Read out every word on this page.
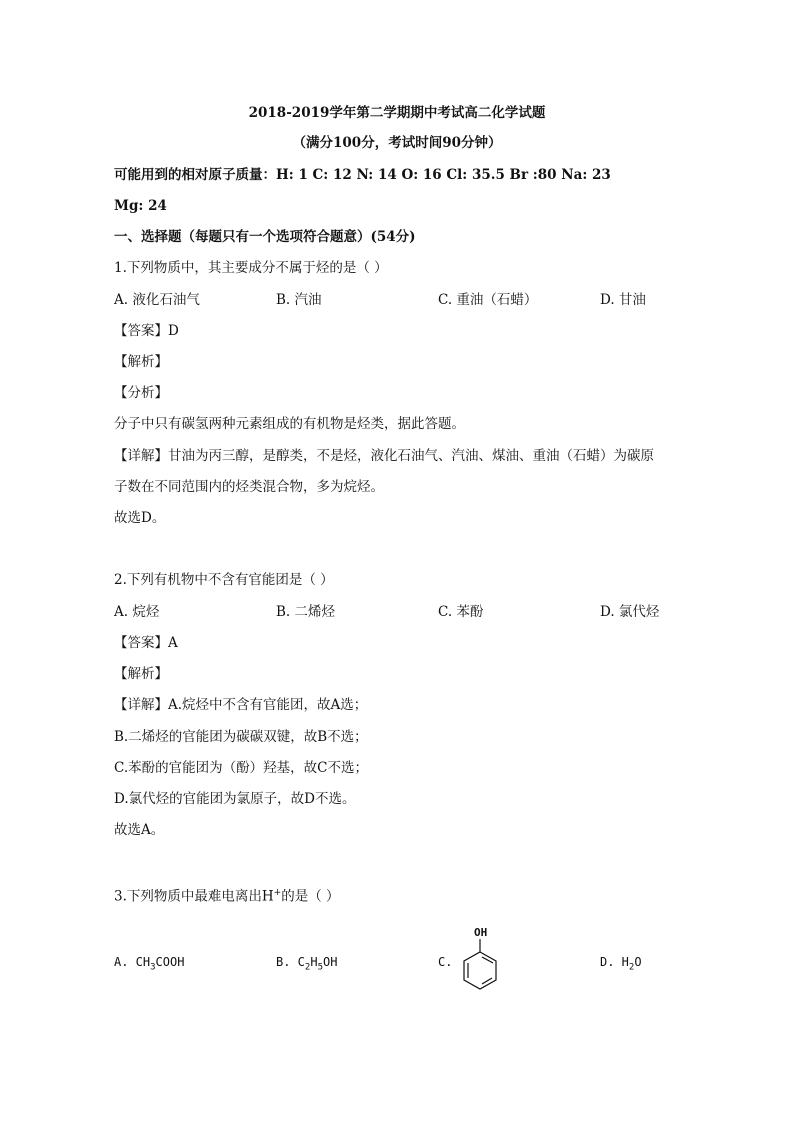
2018-2019学年第二学期期中考试高二化学试题
（满分100分，考试时间90分钟）
可能用到的相对原子质量：H: 1 C: 12 N: 14 O: 16 Cl: 35.5 Br :80 Na: 23
Mg: 24
一、选择题（每题只有一个选项符合题意）(54分)
1.下列物质中，其主要成分不属于烃的是（ ）
A. 液化石油气	B. 汽油	C. 重油（石蜡）	D. 甘油
【答案】D
【解析】
【分析】
分子中只有碳氢两种元素组成的有机物是烃类，据此答题。
【详解】甘油为丙三醇，是醇类，不是烃，液化石油气、汽油、煤油、重油（石蜡）为碳原
子数在不同范围内的烃类混合物，多为烷烃。
故选D。
2.下列有机物中不含有官能团是（ ）
A. 烷烃	B. 二烯烃	C. 苯酚	D. 氯代烃
【答案】A
【解析】
【详解】A.烷烃中不含有官能团，故A选；
B.二烯烃的官能团为碳碳双键，故B不选；
C.苯酚的官能团为（酚）羟基，故C不选；
D.氯代烃的官能团为氯原子，故D不选。
故选A。
3.下列物质中最难电离出H+的是（ ）
A. $CH_3COOH$	B. $C_2H_5OH$	C.
OH
D. $H_2O$
